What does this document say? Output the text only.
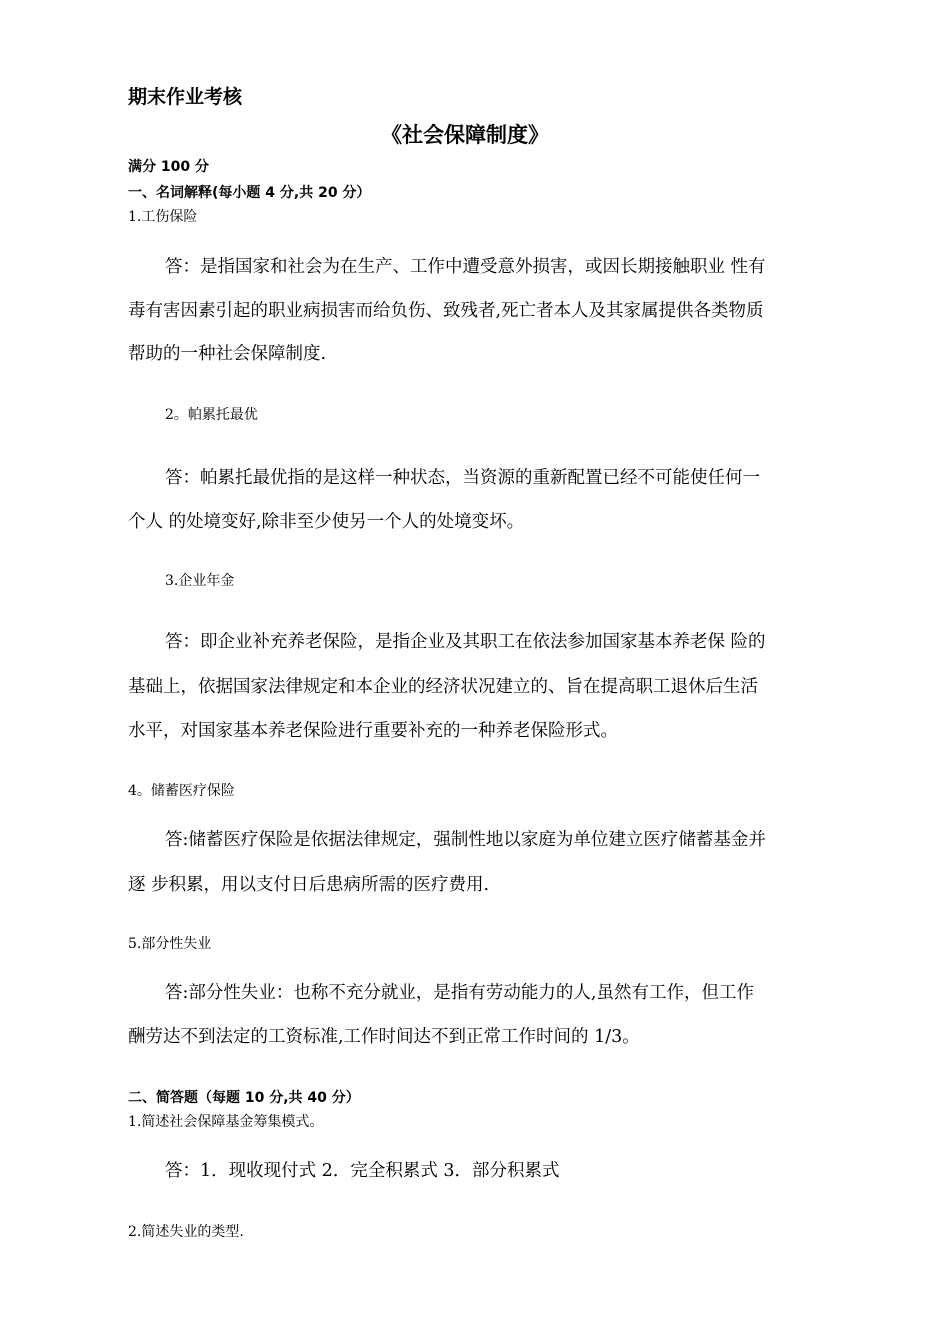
期末作业考核
《社会保障制度》
满分 100 分
一、名词解释(每小题 4 分,共 20 分）
1.工伤保险
答：是指国家和社会为在生产、工作中遭受意外损害，或因长期接触职业 性有
毒有害因素引起的职业病损害而给负伤、致残者,死亡者本人及其家属提供各类物质
帮助的一种社会保障制度.
2。帕累托最优
答：帕累托最优指的是这样一种状态，当资源的重新配置已经不可能使任何一
个人 的处境变好,除非至少使另一个人的处境变坏。
3.企业年金
答：即企业补充养老保险，是指企业及其职工在依法参加国家基本养老保 险的
基础上，依据国家法律规定和本企业的经济状况建立的、旨在提高职工退休后生活
水平，对国家基本养老保险进行重要补充的一种养老保险形式。
4。储蓄医疗保险
答:储蓄医疗保险是依据法律规定，强制性地以家庭为单位建立医疗储蓄基金并
逐 步积累，用以支付日后患病所需的医疗费用.
5.部分性失业
答:部分性失业：也称不充分就业，是指有劳动能力的人,虽然有工作，但工作
酬劳达不到法定的工资标准,工作时间达不到正常工作时间的 1/3。
二、简答题（每题 10 分,共 40 分）
1.简述社会保障基金筹集模式。
答：1．现收现付式 2．完全积累式 3．部分积累式
2.简述失业的类型.
